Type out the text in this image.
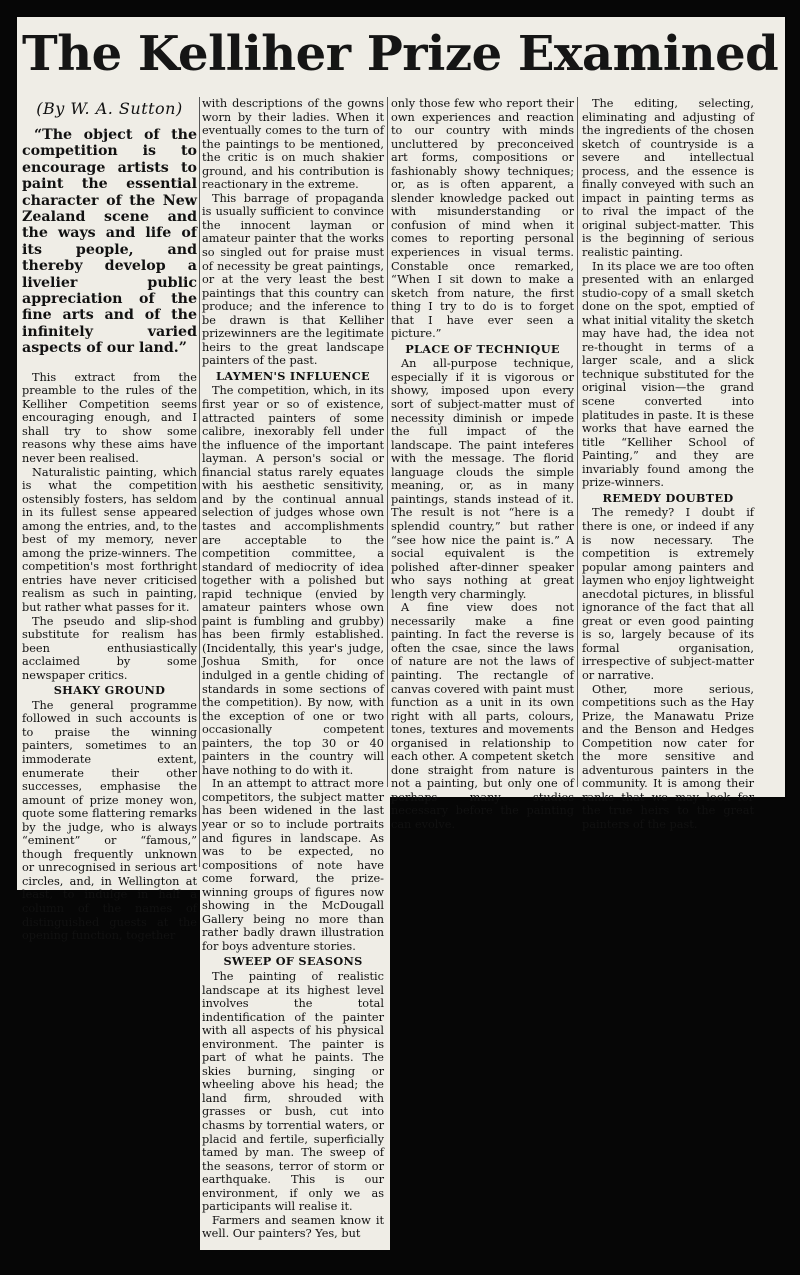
The Kelliher Prize Examined
(By W. A. Sutton)
“The object of the competition is to encourage artists to paint the essential character of the New Zealand scene and the ways and life of its people, and thereby develop a livelier public appreciation of the fine arts and of the infinitely varied aspects of our land.”

This extract from the preamble to the rules of the Kelliher Competition seems encouraging enough, and I shall try to show some reasons why these aims have never been realised.

Naturalistic painting, which is what the competition ostensibly fosters, has seldom in its fullest sense appeared among the entries, and, to the best of my memory, never among the prize-winners. The competition's most forthright entries have never criticised realism as such in painting, but rather what passes for it.

The pseudo and slip-shod substitute for realism has been enthusiastically acclaimed by some newspaper critics.

SHAKY GROUND

The general programme followed in such accounts is to praise the winning painters, sometimes to an immoderate extent, enumerate their other successes, emphasise the amount of prize money won, quote some flattering remarks by the judge, who is always “eminent” or “famous,” though frequently unknown or unrecognised in serious art circles, and, in Wellington at least, to indulge in half a column of the names of distinguished guests at the opening function, together

with descriptions of the gowns worn by their ladies. When it eventually comes to the turn of the paintings to be mentioned, the critic is on much shakier ground, and his contribution is reactionary in the extreme.

This barrage of propaganda is usually sufficient to convince the innocent layman or amateur painter that the works so singled out for praise must of necessity be great paintings, or at the very least the best paintings that this country can produce; and the inference to be drawn is that Kelliher prizewinners are the legitimate heirs to the great landscape painters of the past.

LAYMEN'S INFLUENCE

The competition, which, in its first year or so of existence, attracted painters of some calibre, inexorably fell under the influence of the important layman. A person's social or financial status rarely equates with his aesthetic sensitivity, and by the continual annual selection of judges whose own tastes and accomplishments are acceptable to the competition committee, a standard of mediocrity of idea together with a polished but rapid technique (envied by amateur painters whose own paint is fumbling and grubby) has been firmly established. (Incidentally, this year's judge, Joshua Smith, for once indulged in a gentle chiding of standards in some sections of the competition). By now, with the exception of one or two occasionally competent painters, the top 30 or 40 painters in the country will have nothing to do with it.

In an attempt to attract more competitors, the subject matter has been widened in the last year or so to include portraits and figures in landscape. As was to be expected, no compositions of note have come forward, the prize-winning groups of figures now showing in the McDougall Gallery being no more than rather badly drawn illustration for boys adventure stories.

SWEEP OF SEASONS

The painting of realistic landscape at its highest level involves the total indentification of the painter with all aspects of his physical environment. The painter is part of what he paints. The skies burning, singing or wheeling above his head; the land firm, shrouded with grasses or bush, cut into chasms by torrential waters, or placid and fertile, superficially tamed by man. The sweep of the seasons, terror of storm or earthquake. This is our environment, if only we as participants will realise it.

Farmers and seamen know it well. Our painters? Yes, but

only those few who report their own experiences and reaction to our country with minds uncluttered by preconceived art forms, compositions or fashionably showy techniques; or, as is often apparent, a slender knowledge packed out with misunderstanding or confusion of mind when it comes to reporting personal experiences in visual terms. Constable once remarked, “When I sit down to make a sketch from nature, the first thing I try to do is to forget that I have ever seen a picture.”

PLACE OF TECHNIQUE

An all-purpose technique, especially if it is vigorous or showy, imposed upon every sort of subject-matter must of necessity diminish or impede the full impact of the landscape. The paint inteferes with the message. The florid language clouds the simple meaning, or, as in many paintings, stands instead of it. The result is not “here is a splendid country,” but rather “see how nice the paint is.” A social equivalent is the polished after-dinner speaker who says nothing at great length very charmingly.

A fine view does not necessarily make a fine painting. In fact the reverse is often the csae, since the laws of nature are not the laws of painting. The rectangle of canvas covered with paint must function as a unit in its own right with all parts, colours, tones, textures and movements organised in relationship to each other. A competent sketch done straight from nature is not a painting, but only one of perhaps many studies necessary before the painting can evolve.

The editing, selecting, eliminating and adjusting of the ingredients of the chosen sketch of countryside is a severe and intellectual process, and the essence is finally conveyed with such an impact in painting terms as to rival the impact of the original subject-matter. This is the beginning of serious realistic painting.

In its place we are too often presented with an enlarged studio-copy of a small sketch done on the spot, emptied of what initial vitality the sketch may have had, the idea not re-thought in terms of a larger scale, and a slick technique substituted for the original vision—the grand scene converted into platitudes in paste. It is these works that have earned the title “Kelliher School of Painting,” and they are invariably found among the prize-winners.

REMEDY DOUBTED

The remedy? I doubt if there is one, or indeed if any is now necessary. The competition is extremely popular among painters and laymen who enjoy lightweight anecdotal pictures, in blissful ignorance of the fact that all great or even good painting is so, largely because of its formal organisation, irrespective of subject-matter or narrative.

Other, more serious, competitions such as the Hay Prize, the Manawatu Prize and the Benson and Hedges Competition now cater for the more sensitive and adventurous painters in the community. It is among their ranks that we may look for the true heirs to the great painters of the past.
